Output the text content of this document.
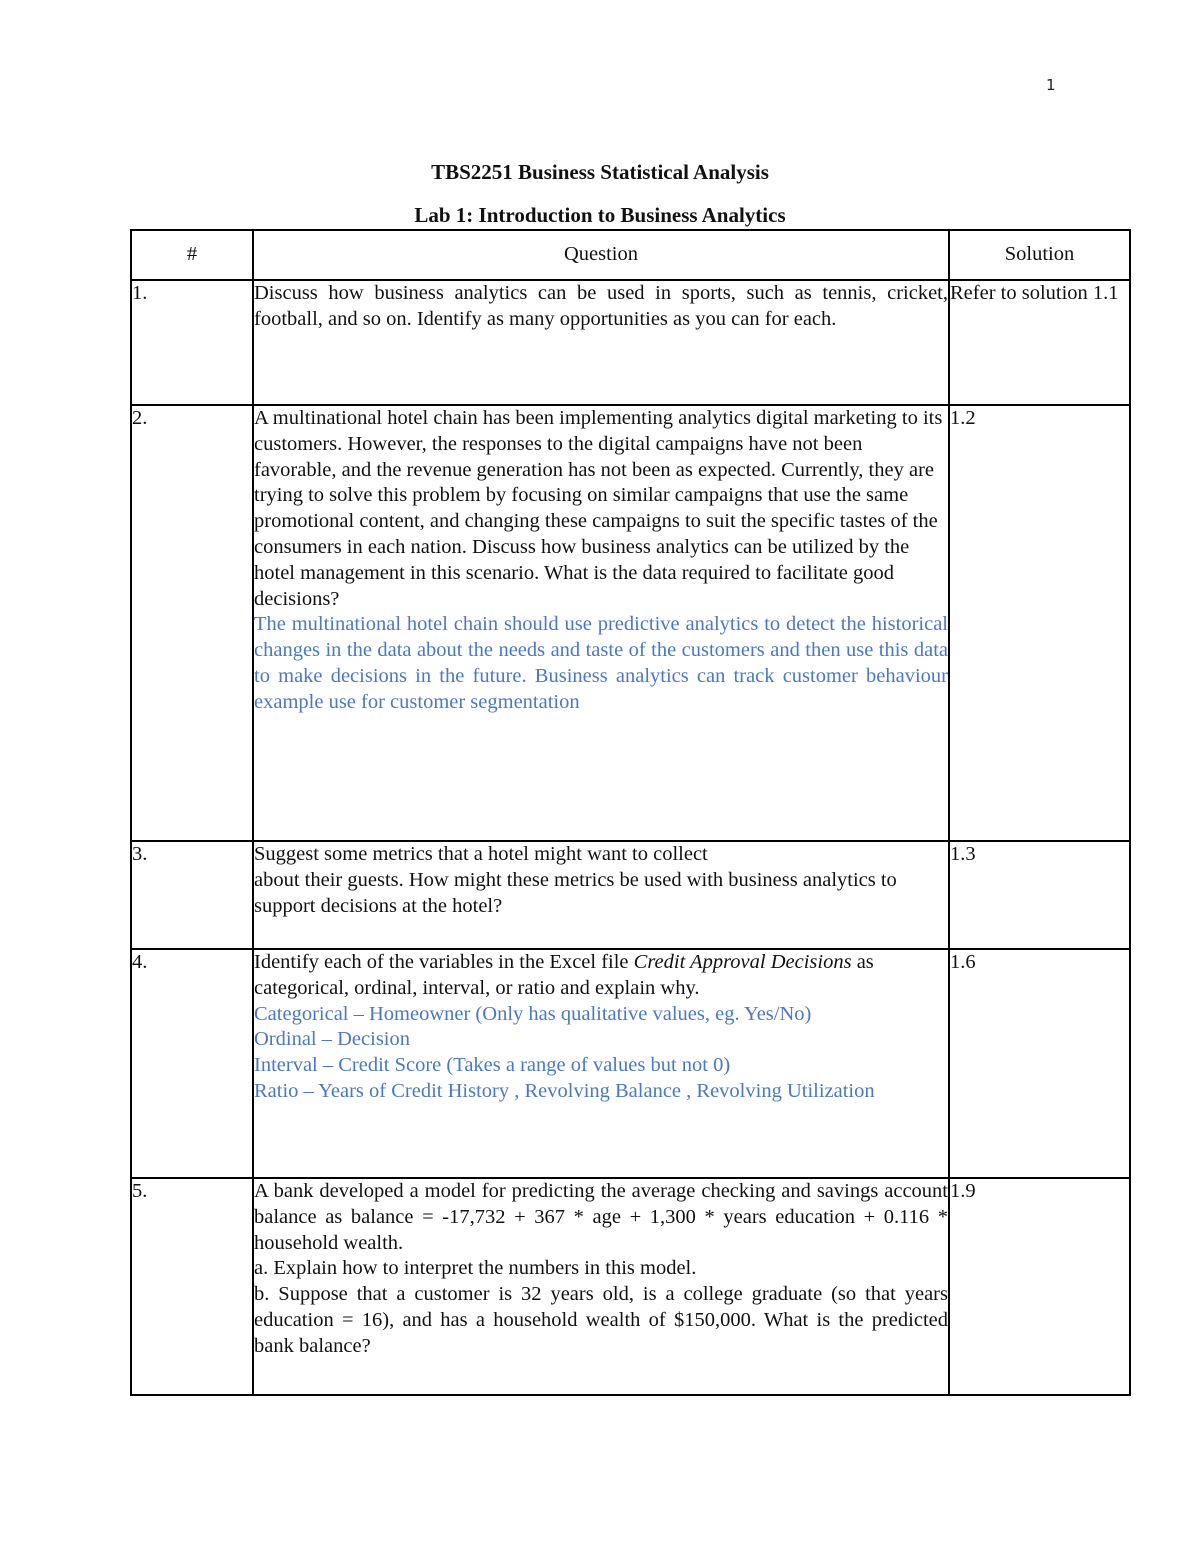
1
TBS2251 Business Statistical Analysis
Lab 1: Introduction to Business Analytics
#	Question	Solution
1.	Discuss how business analytics can be used in sports, such as tennis, cricket, football, and so on. Identify as many opportunities as you can for each.	Refer to solution 1.1
2.	A multinational hotel chain has been implementing analytics digital marketing to its customers. However, the responses to the digital campaigns have not been favorable, and the revenue generation has not been as expected. Currently, they are trying to solve this problem by focusing on similar campaigns that use the same promotional content, and changing these campaigns to suit the specific tastes of the
consumers in each nation. Discuss how business analytics can be utilized by the hotel management in this scenario. What is the data required to facilitate good decisions?
The multinational hotel chain should use predictive analytics to detect the historical changes in the data about the needs and taste of the customers and then use this data to make decisions in the future. Business analytics can track customer behaviour example use for customer segmentation	1.2
3.	Suggest some metrics that a hotel might want to collect
about their guests. How might these metrics be used with business analytics to support decisions at the hotel?	1.3
4.	Identify each of the variables in the Excel file Credit Approval Decisions as categorical, ordinal, interval, or ratio and explain why.
Categorical – Homeowner (Only has qualitative values, eg. Yes/No)
Ordinal – Decision
Interval – Credit Score (Takes a range of values but not 0)
Ratio – Years of Credit History , Revolving Balance , Revolving Utilization	1.6
5.	A bank developed a model for predicting the average checking and savings account balance as balance = -17,732 + 367 * age + 1,300 * years education + 0.116 * household wealth.
a. Explain how to interpret the numbers in this model.
b. Suppose that a customer is 32 years old, is a college graduate (so that years education = 16), and has a household wealth of $150,000. What is the predicted bank balance?	1.9
